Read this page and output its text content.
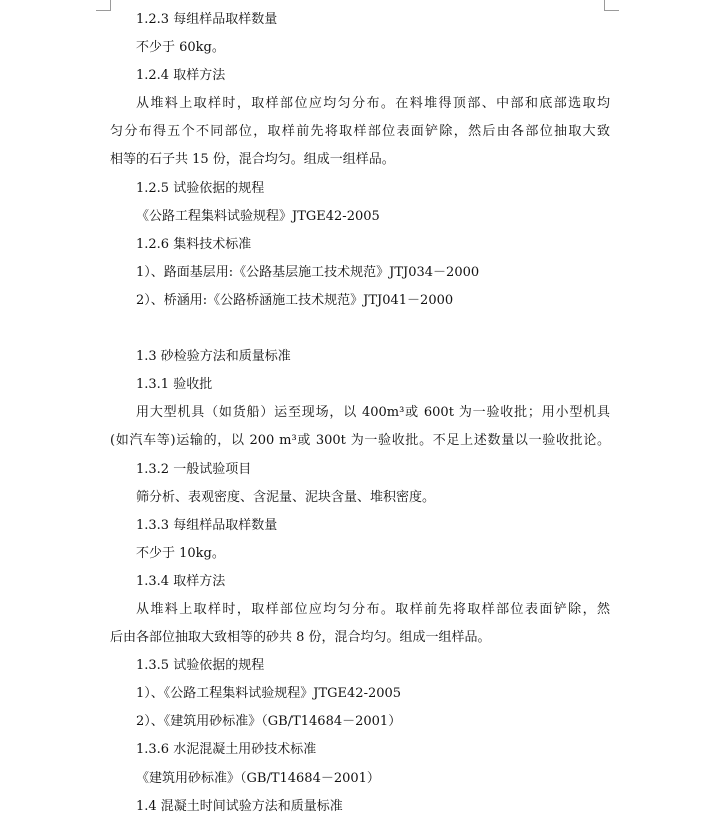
1.2.3 每组样品取样数量
不少于 60kg。
1.2.4 取样方法
从堆料上取样时，取样部位应均匀分布。在料堆得顶部、中部和底部选取均
匀分布得五个不同部位，取样前先将取样部位表面铲除，然后由各部位抽取大致
相等的石子共 15 份，混合均匀。组成一组样品。
1.2.5 试验依据的规程
《公路工程集料试验规程》JTGE42-2005
1.2.6 集料技术标准
1）、路面基层用:《公路基层施工技术规范》JTJ034－2000
2）、桥涵用:《公路桥涵施工技术规范》JTJ041－2000
1.3 砂检验方法和质量标准
1.3.1 验收批
用大型机具（如货船）运至现场，以 400m³或 600t 为一验收批；用小型机具
(如汽车等)运输的，以 200 m³或 300t 为一验收批。不足上述数量以一验收批论。
1.3.2 一般试验项目
筛分析、表观密度、含泥量、泥块含量、堆积密度。
1.3.3 每组样品取样数量
不少于 10kg。
1.3.4 取样方法
从堆料上取样时，取样部位应均匀分布。取样前先将取样部位表面铲除，然
后由各部位抽取大致相等的砂共 8 份，混合均匀。组成一组样品。
1.3.5 试验依据的规程
1）、《公路工程集料试验规程》JTGE42-2005
2）、《建筑用砂标准》（GB/T14684－2001）
1.3.6 水泥混凝土用砂技术标准
《建筑用砂标准》（GB/T14684－2001）
1.4 混凝土时间试验方法和质量标准
